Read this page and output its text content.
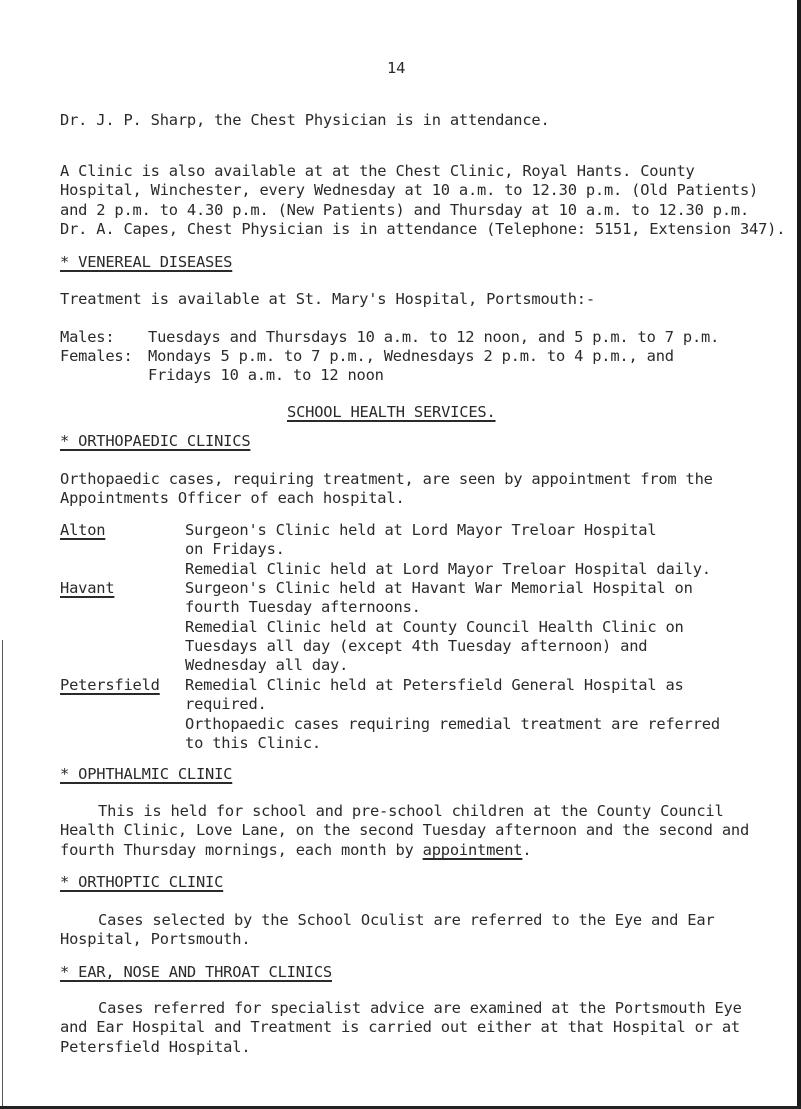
14
Dr. J. P. Sharp, the Chest Physician is in attendance.
A Clinic is also available at at the Chest Clinic, Royal Hants. County
Hospital, Winchester, every Wednesday at 10 a.m. to 12.30 p.m. (Old Patients)
and 2 p.m. to 4.30 p.m. (New Patients) and Thursday at 10 a.m. to 12.30 p.m.
Dr. A. Capes, Chest Physician is in attendance (Telephone: 5151, Extension 347).
* VENEREAL DISEASES
Treatment is available at St. Mary's Hospital, Portsmouth:-
Males: Tuesdays and Thursdays 10 a.m. to 12 noon, and 5 p.m. to 7 p.m.
Females: Mondays 5 p.m. to 7 p.m., Wednesdays 2 p.m. to 4 p.m., and
Fridays 10 a.m. to 12 noon
SCHOOL HEALTH SERVICES.
* ORTHOPAEDIC CLINICS
Orthopaedic cases, requiring treatment, are seen by appointment from the
Appointments Officer of each hospital.
Alton	Surgeon's Clinic held at Lord Mayor Treloar Hospital
on Fridays.
Remedial Clinic held at Lord Mayor Treloar Hospital daily.
Havant	Surgeon's Clinic held at Havant War Memorial Hospital on
fourth Tuesday afternoons.
Remedial Clinic held at County Council Health Clinic on
Tuesdays all day (except 4th Tuesday afternoon) and
Wednesday all day.
Petersfield Remedial Clinic held at Petersfield General Hospital as
required.
Orthopaedic cases requiring remedial treatment are referred
to this Clinic.
* OPHTHALMIC CLINIC
This is held for school and pre-school children at the County Council
Health Clinic, Love Lane, on the second Tuesday afternoon and the second and
fourth Thursday mornings, each month by appointment.
* ORTHOPTIC CLINIC
Cases selected by the School Oculist are referred to the Eye and Ear
Hospital, Portsmouth.
* EAR, NOSE AND THROAT CLINICS
Cases referred for specialist advice are examined at the Portsmouth Eye
and Ear Hospital and Treatment is carried out either at that Hospital or at
Petersfield Hospital.
